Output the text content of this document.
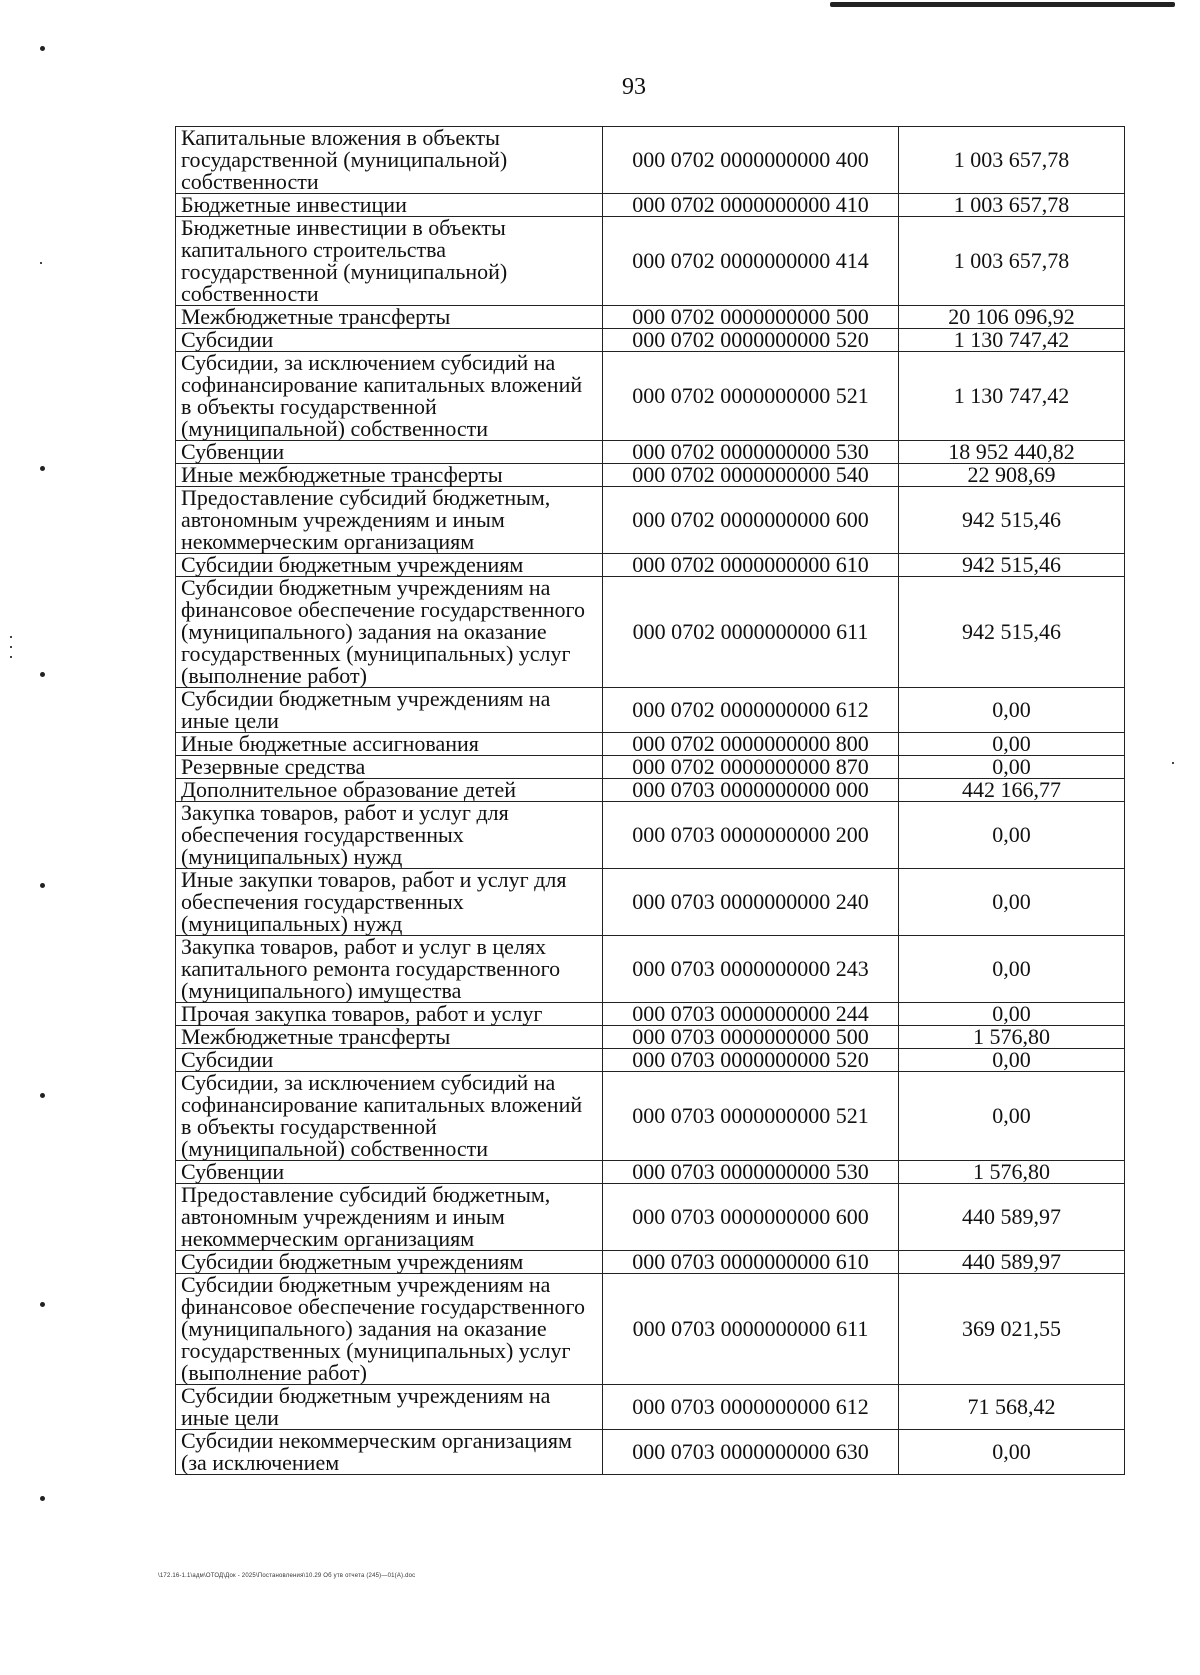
93
Капитальные вложения в объекты государственной (муниципальной) собственности	000 0702 0000000000 400	1 003 657,78
Бюджетные инвестиции	000 0702 0000000000 410	1 003 657,78
Бюджетные инвестиции в объекты капитального строительства государственной (муниципальной) собственности	000 0702 0000000000 414	1 003 657,78
Межбюджетные трансферты	000 0702 0000000000 500	20 106 096,92
Субсидии	000 0702 0000000000 520	1 130 747,42
Субсидии, за исключением субсидий на софинансирование капитальных вложений в объекты государственной (муниципальной) собственности	000 0702 0000000000 521	1 130 747,42
Субвенции	000 0702 0000000000 530	18 952 440,82
Иные межбюджетные трансферты	000 0702 0000000000 540	22 908,69
Предоставление субсидий бюджетным, автономным учреждениям и иным некоммерческим организациям	000 0702 0000000000 600	942 515,46
Субсидии бюджетным учреждениям	000 0702 0000000000 610	942 515,46
Субсидии бюджетным учреждениям на финансовое обеспечение государственного (муниципального) задания на оказание государственных (муниципальных) услуг (выполнение работ)	000 0702 0000000000 611	942 515,46
Субсидии бюджетным учреждениям на иные цели	000 0702 0000000000 612	0,00
Иные бюджетные ассигнования	000 0702 0000000000 800	0,00
Резервные средства	000 0702 0000000000 870	0,00
Дополнительное образование детей	000 0703 0000000000 000	442 166,77
Закупка товаров, работ и услуг для обеспечения государственных (муниципальных) нужд	000 0703 0000000000 200	0,00
Иные закупки товаров, работ и услуг для обеспечения государственных (муниципальных) нужд	000 0703 0000000000 240	0,00
Закупка товаров, работ и услуг в целях капитального ремонта государственного (муниципального) имущества	000 0703 0000000000 243	0,00
Прочая закупка товаров, работ и услуг	000 0703 0000000000 244	0,00
Межбюджетные трансферты	000 0703 0000000000 500	1 576,80
Субсидии	000 0703 0000000000 520	0,00
Субсидии, за исключением субсидий на софинансирование капитальных вложений в объекты государственной (муниципальной) собственности	000 0703 0000000000 521	0,00
Субвенции	000 0703 0000000000 530	1 576,80
Предоставление субсидий бюджетным, автономным учреждениям и иным некоммерческим организациям	000 0703 0000000000 600	440 589,97
Субсидии бюджетным учреждениям	000 0703 0000000000 610	440 589,97
Субсидии бюджетным учреждениям на финансовое обеспечение государственного (муниципального) задания на оказание государственных (муниципальных) услуг (выполнение работ)	000 0703 0000000000 611	369 021,55
Субсидии бюджетным учреждениям на иные цели	000 0703 0000000000 612	71 568,42
Субсидии некоммерческим организациям (за исключением	000 0703 0000000000 630	0,00
\172.16-1.1\адм\ОТОД\Док - 2025\Постановления\10.29 Об утв отчета (245)—01(А).doc
